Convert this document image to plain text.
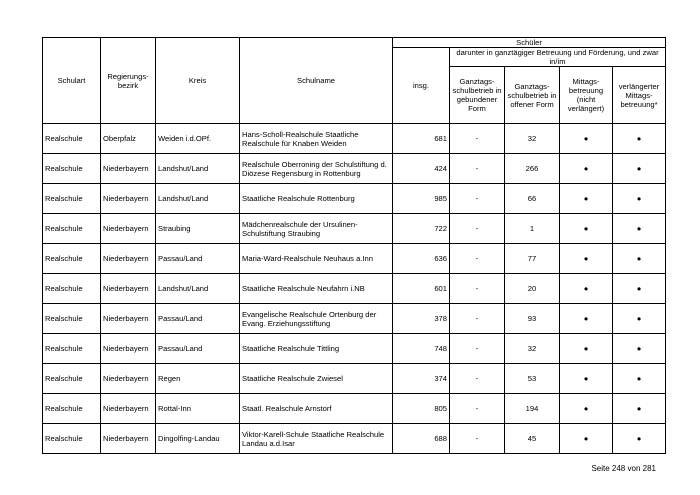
Schulart	Regierungs-bezirk	Kreis	Schulname	Schüler				
				insg.	darunter in ganztägiger Betreuung und Förderung, und zwar in/im			
					Ganztags-schulbetrieb in gebundener Form	Ganztags-schulbetrieb in offener Form	Mittags-betreuung (nicht verlängert)	verlängerter Mittags-betreuung*
Realschule	Oberpfalz	Weiden i.d.OPf.	Hans-Scholl-Realschule Staatliche Realschule für Knaben Weiden	681	-	32	●	●
Realschule	Niederbayern	Landshut/Land	Realschule Oberroning der Schulstiftung d. Diözese Regensburg in Rottenburg	424	-	266	●	●
Realschule	Niederbayern	Landshut/Land	Staatliche Realschule Rottenburg	985	-	66	●	●
Realschule	Niederbayern	Straubing	Mädchenrealschule der Ursulinen-Schulstiftung Straubing	722	-	1	●	●
Realschule	Niederbayern	Passau/Land	Maria-Ward-Realschule Neuhaus a.Inn	636	-	77	●	●
Realschule	Niederbayern	Landshut/Land	Staatliche Realschule Neufahrn i.NB	601	-	20	●	●
Realschule	Niederbayern	Passau/Land	Evangelische Realschule Ortenburg der Evang. Erziehungsstiftung	378	-	93	●	●
Realschule	Niederbayern	Passau/Land	Staatliche Realschule Tittling	748	-	32	●	●
Realschule	Niederbayern	Regen	Staatliche Realschule Zwiesel	374	-	53	●	●
Realschule	Niederbayern	Rottal-Inn	Staatl. Realschule Arnstorf	805	-	194	●	●
Realschule	Niederbayern	Dingolfing-Landau	Viktor-Karell-Schule Staatliche Realschule Landau a.d.Isar	688	-	45	●	●
Seite 248 von 281
